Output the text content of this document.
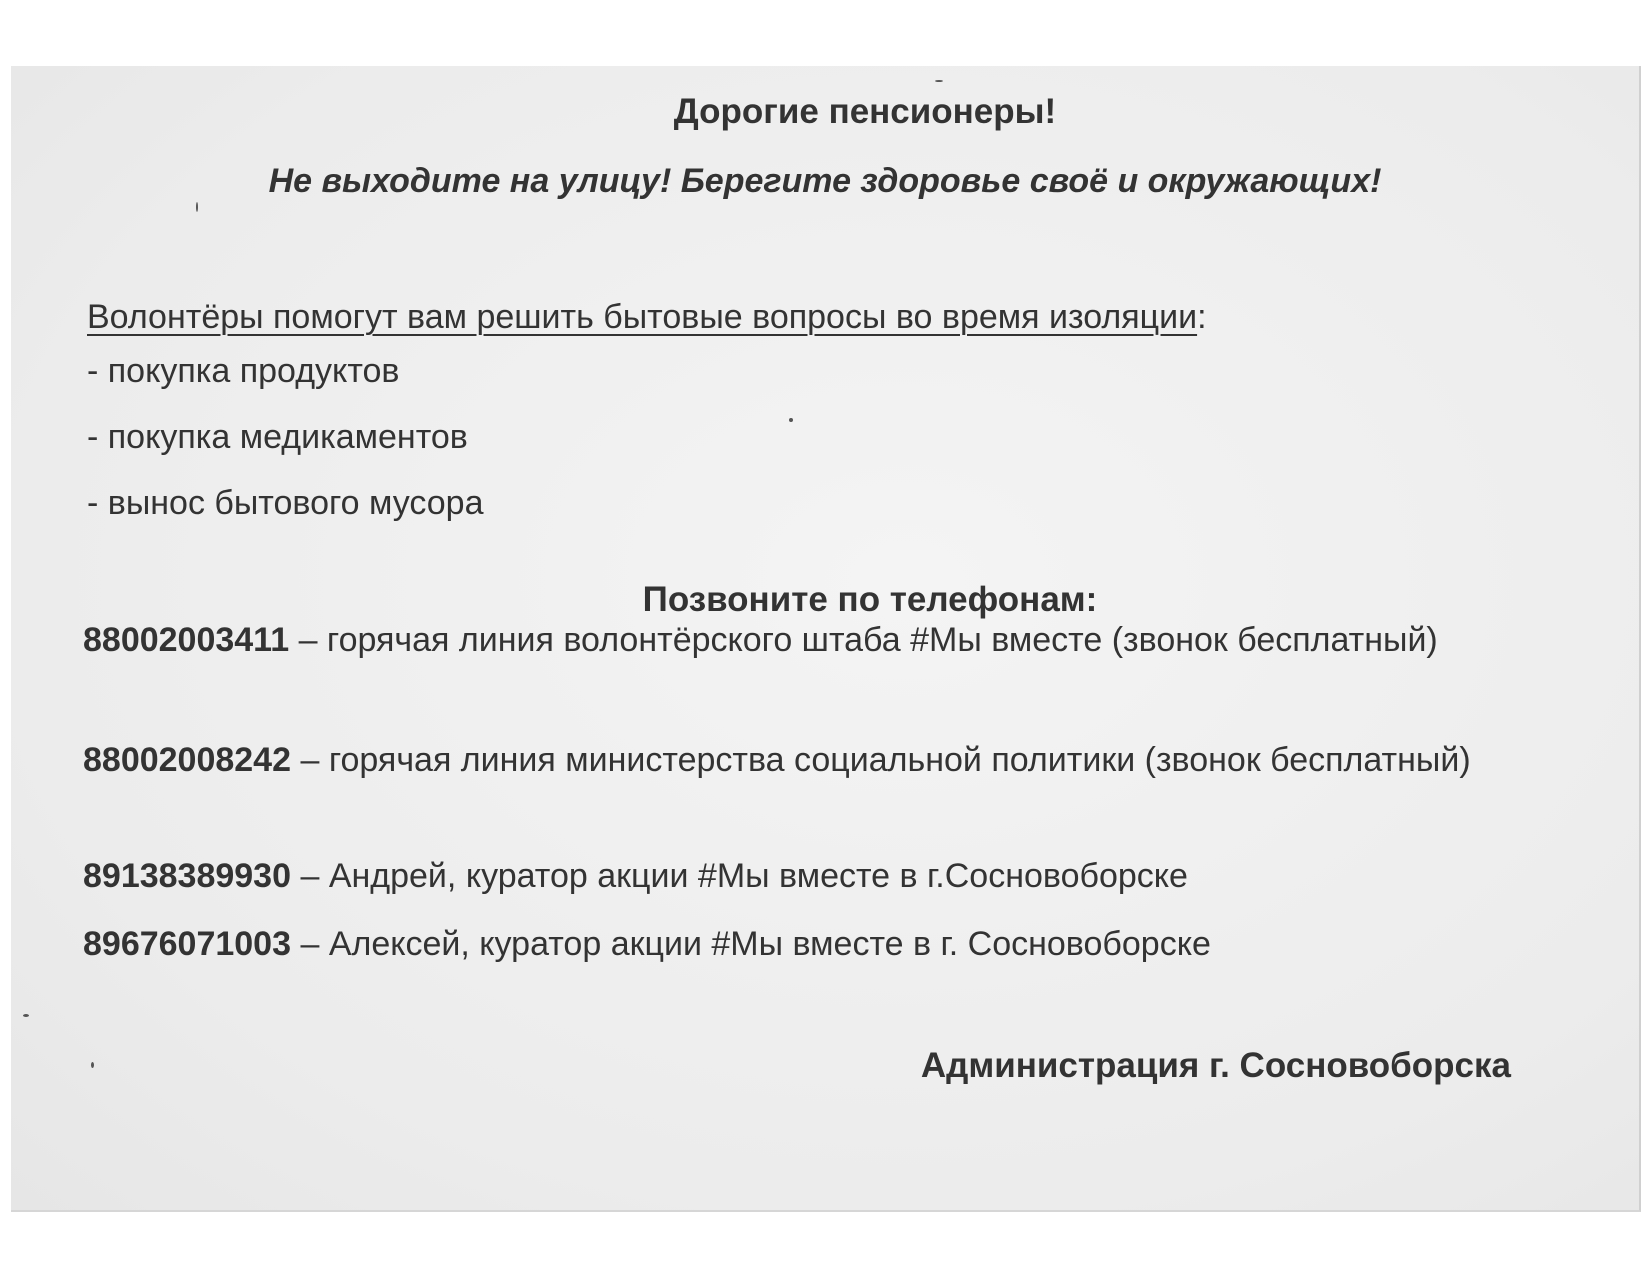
Дорогие пенсионеры!
Не выходите на улицу! Берегите здоровье своё и окружающих!
Волонтёры помогут вам решить бытовые вопросы во время изоляции:
- покупка продуктов
- покупка медикаментов
- вынос бытового мусора
Позвоните по телефонам:
88002003411 – горячая линия волонтёрского штаба #Мы вместе (звонок бесплатный)
88002008242 – горячая линия министерства социальной политики (звонок бесплатный)
89138389930 – Андрей, куратор акции #Мы вместе в г.Сосновоборске
89676071003 – Алексей, куратор акции #Мы вместе в г. Сосновоборске
Администрация г. Сосновоборска
